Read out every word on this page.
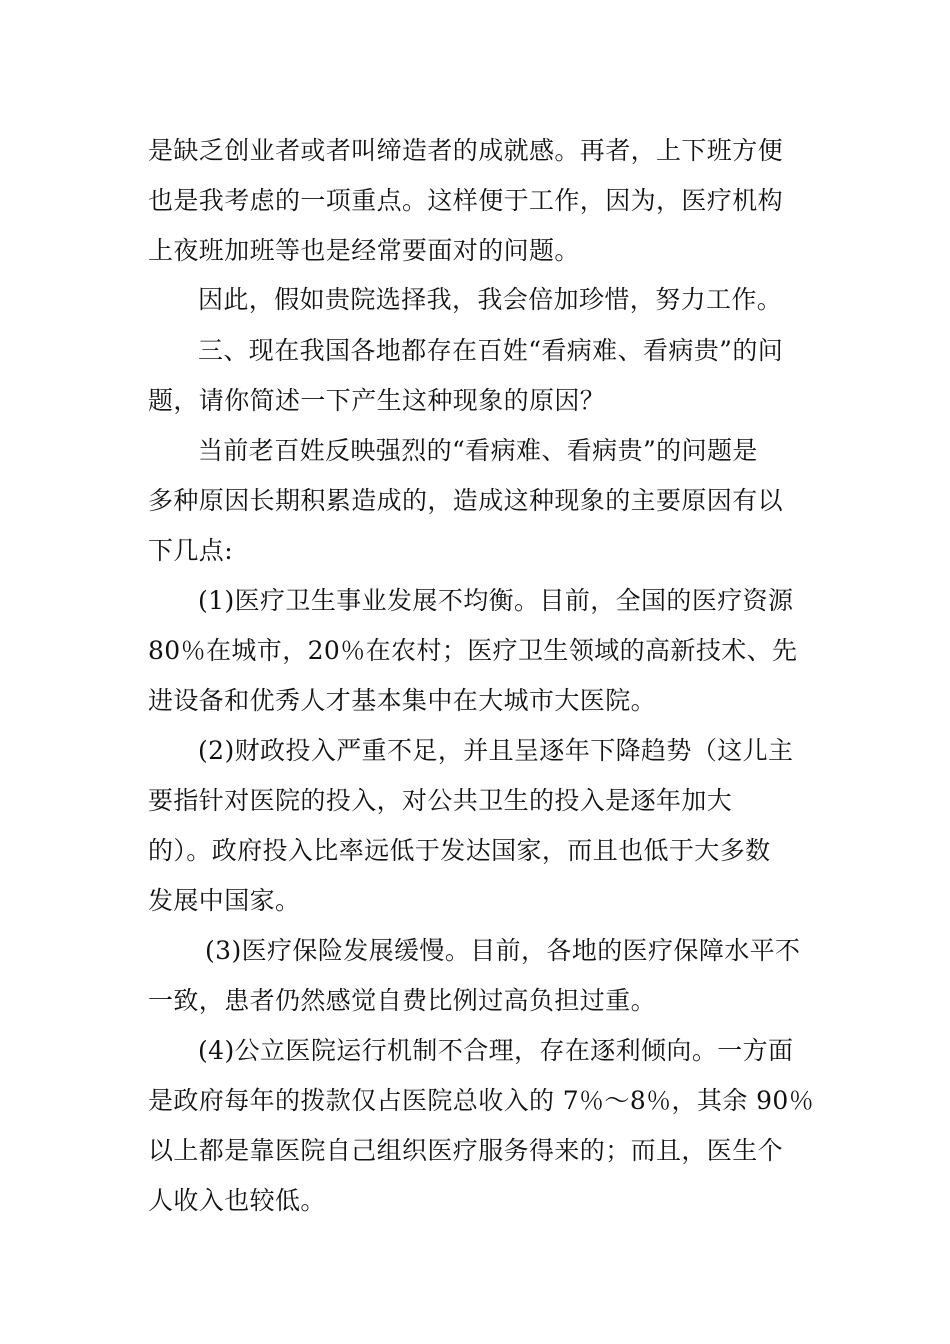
是缺乏创业者或者叫缔造者的成就感。再者，上下班方便
也是我考虑的一项重点。这样便于工作，因为，医疗机构
上夜班加班等也是经常要面对的问题。
因此，假如贵院选择我，我会倍加珍惜，努力工作。
三、现在我国各地都存在百姓“看病难、看病贵”的问
题，请你简述一下产生这种现象的原因？
当前老百姓反映强烈的“看病难、看病贵”的问题是
多种原因长期积累造成的，造成这种现象的主要原因有以
下几点:
(1)医疗卫生事业发展不均衡。目前，全国的医疗资源
80％在城市，20％在农村；医疗卫生领域的高新技术、先
进设备和优秀人才基本集中在大城市大医院。
(2)财政投入严重不足，并且呈逐年下降趋势（这儿主
要指针对医院的投入，对公共卫生的投入是逐年加大
的）。政府投入比率远低于发达国家，而且也低于大多数
发展中国家。
(3)医疗保险发展缓慢。目前，各地的医疗保障水平不
一致，患者仍然感觉自费比例过高负担过重。
(4)公立医院运行机制不合理，存在逐利倾向。一方面
是政府每年的拨款仅占医院总收入的 7％～8％，其余 90％
以上都是靠医院自己组织医疗服务得来的；而且，医生个
人收入也较低。
